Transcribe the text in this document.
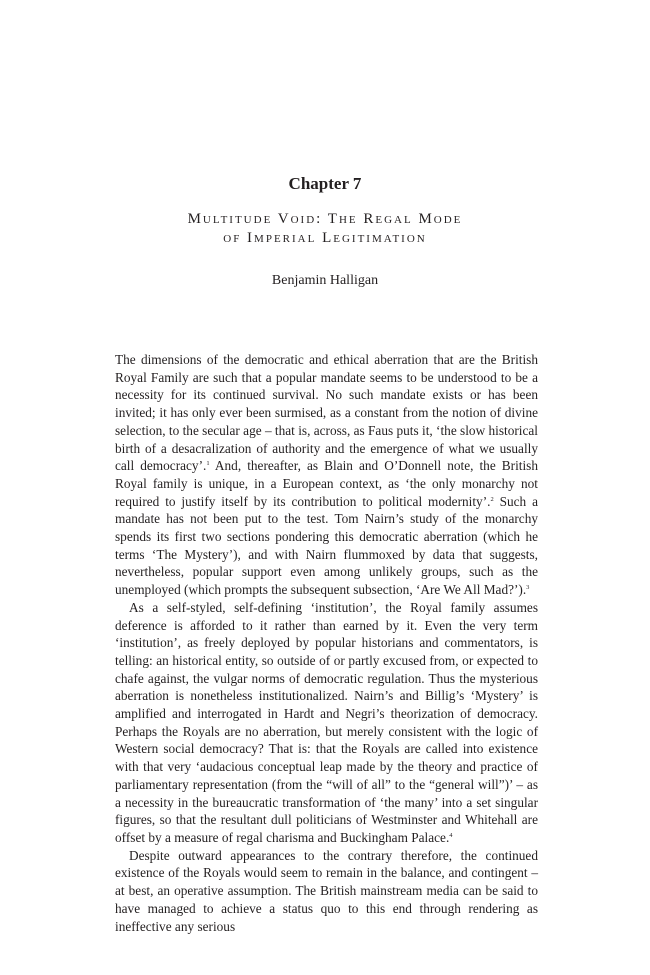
Chapter 7
Multitude Void: The Regal Mode
of Imperial Legitimation
Benjamin Halligan

The dimensions of the democratic and ethical aberration that are the British Royal Family are such that a popular mandate seems to be understood to be a necessity for its continued survival. No such mandate exists or has been invited; it has only ever been surmised, as a constant from the notion of divine selection, to the secular age – that is, across, as Faus puts it, ‘the slow historical birth of a desacralization of authority and the emergence of what we usually call democracy’.$^1$ And, thereafter, as Blain and O’Donnell note, the British Royal family is unique, in a European context, as ‘the only monarchy not required to justify itself by its contribution to political modernity’.$^2$ Such a mandate has not been put to the test. Tom Nairn’s study of the monarchy spends its first two sections pondering this democratic aberration (which he terms ‘The Mystery’), and with Nairn flummoxed by data that suggests, nevertheless, popular support even among unlikely groups, such as the unemployed (which prompts the subsequent subsection, ‘Are We All Mad?’).$^3$

As a self-styled, self-defining ‘institution’, the Royal family assumes deference is afforded to it rather than earned by it. Even the very term ‘institution’, as freely deployed by popular historians and commentators, is telling: an historical entity, so outside of or partly excused from, or expected to chafe against, the vulgar norms of democratic regulation. Thus the mysterious aberration is nonetheless institutionalized. Nairn’s and Billig’s ‘Mystery’ is amplified and interrogated in Hardt and Negri’s theorization of democracy. Perhaps the Royals are no aberration, but merely consistent with the logic of Western social democracy? That is: that the Royals are called into existence with that very ‘audacious conceptual leap made by the theory and practice of parliamentary representation (from the “will of all” to the “general will”)’ – as a necessity in the bureaucratic transformation of ‘the many’ into a set singular figures, so that the resultant dull politicians of Westminster and Whitehall are offset by a measure of regal charisma and Buckingham Palace.$^4$

Despite outward appearances to the contrary therefore, the continued existence of the Royals would seem to remain in the balance, and contingent – at best, an operative assumption. The British mainstream media can be said to have managed to achieve a status quo to this end through rendering as ineffective any serious
